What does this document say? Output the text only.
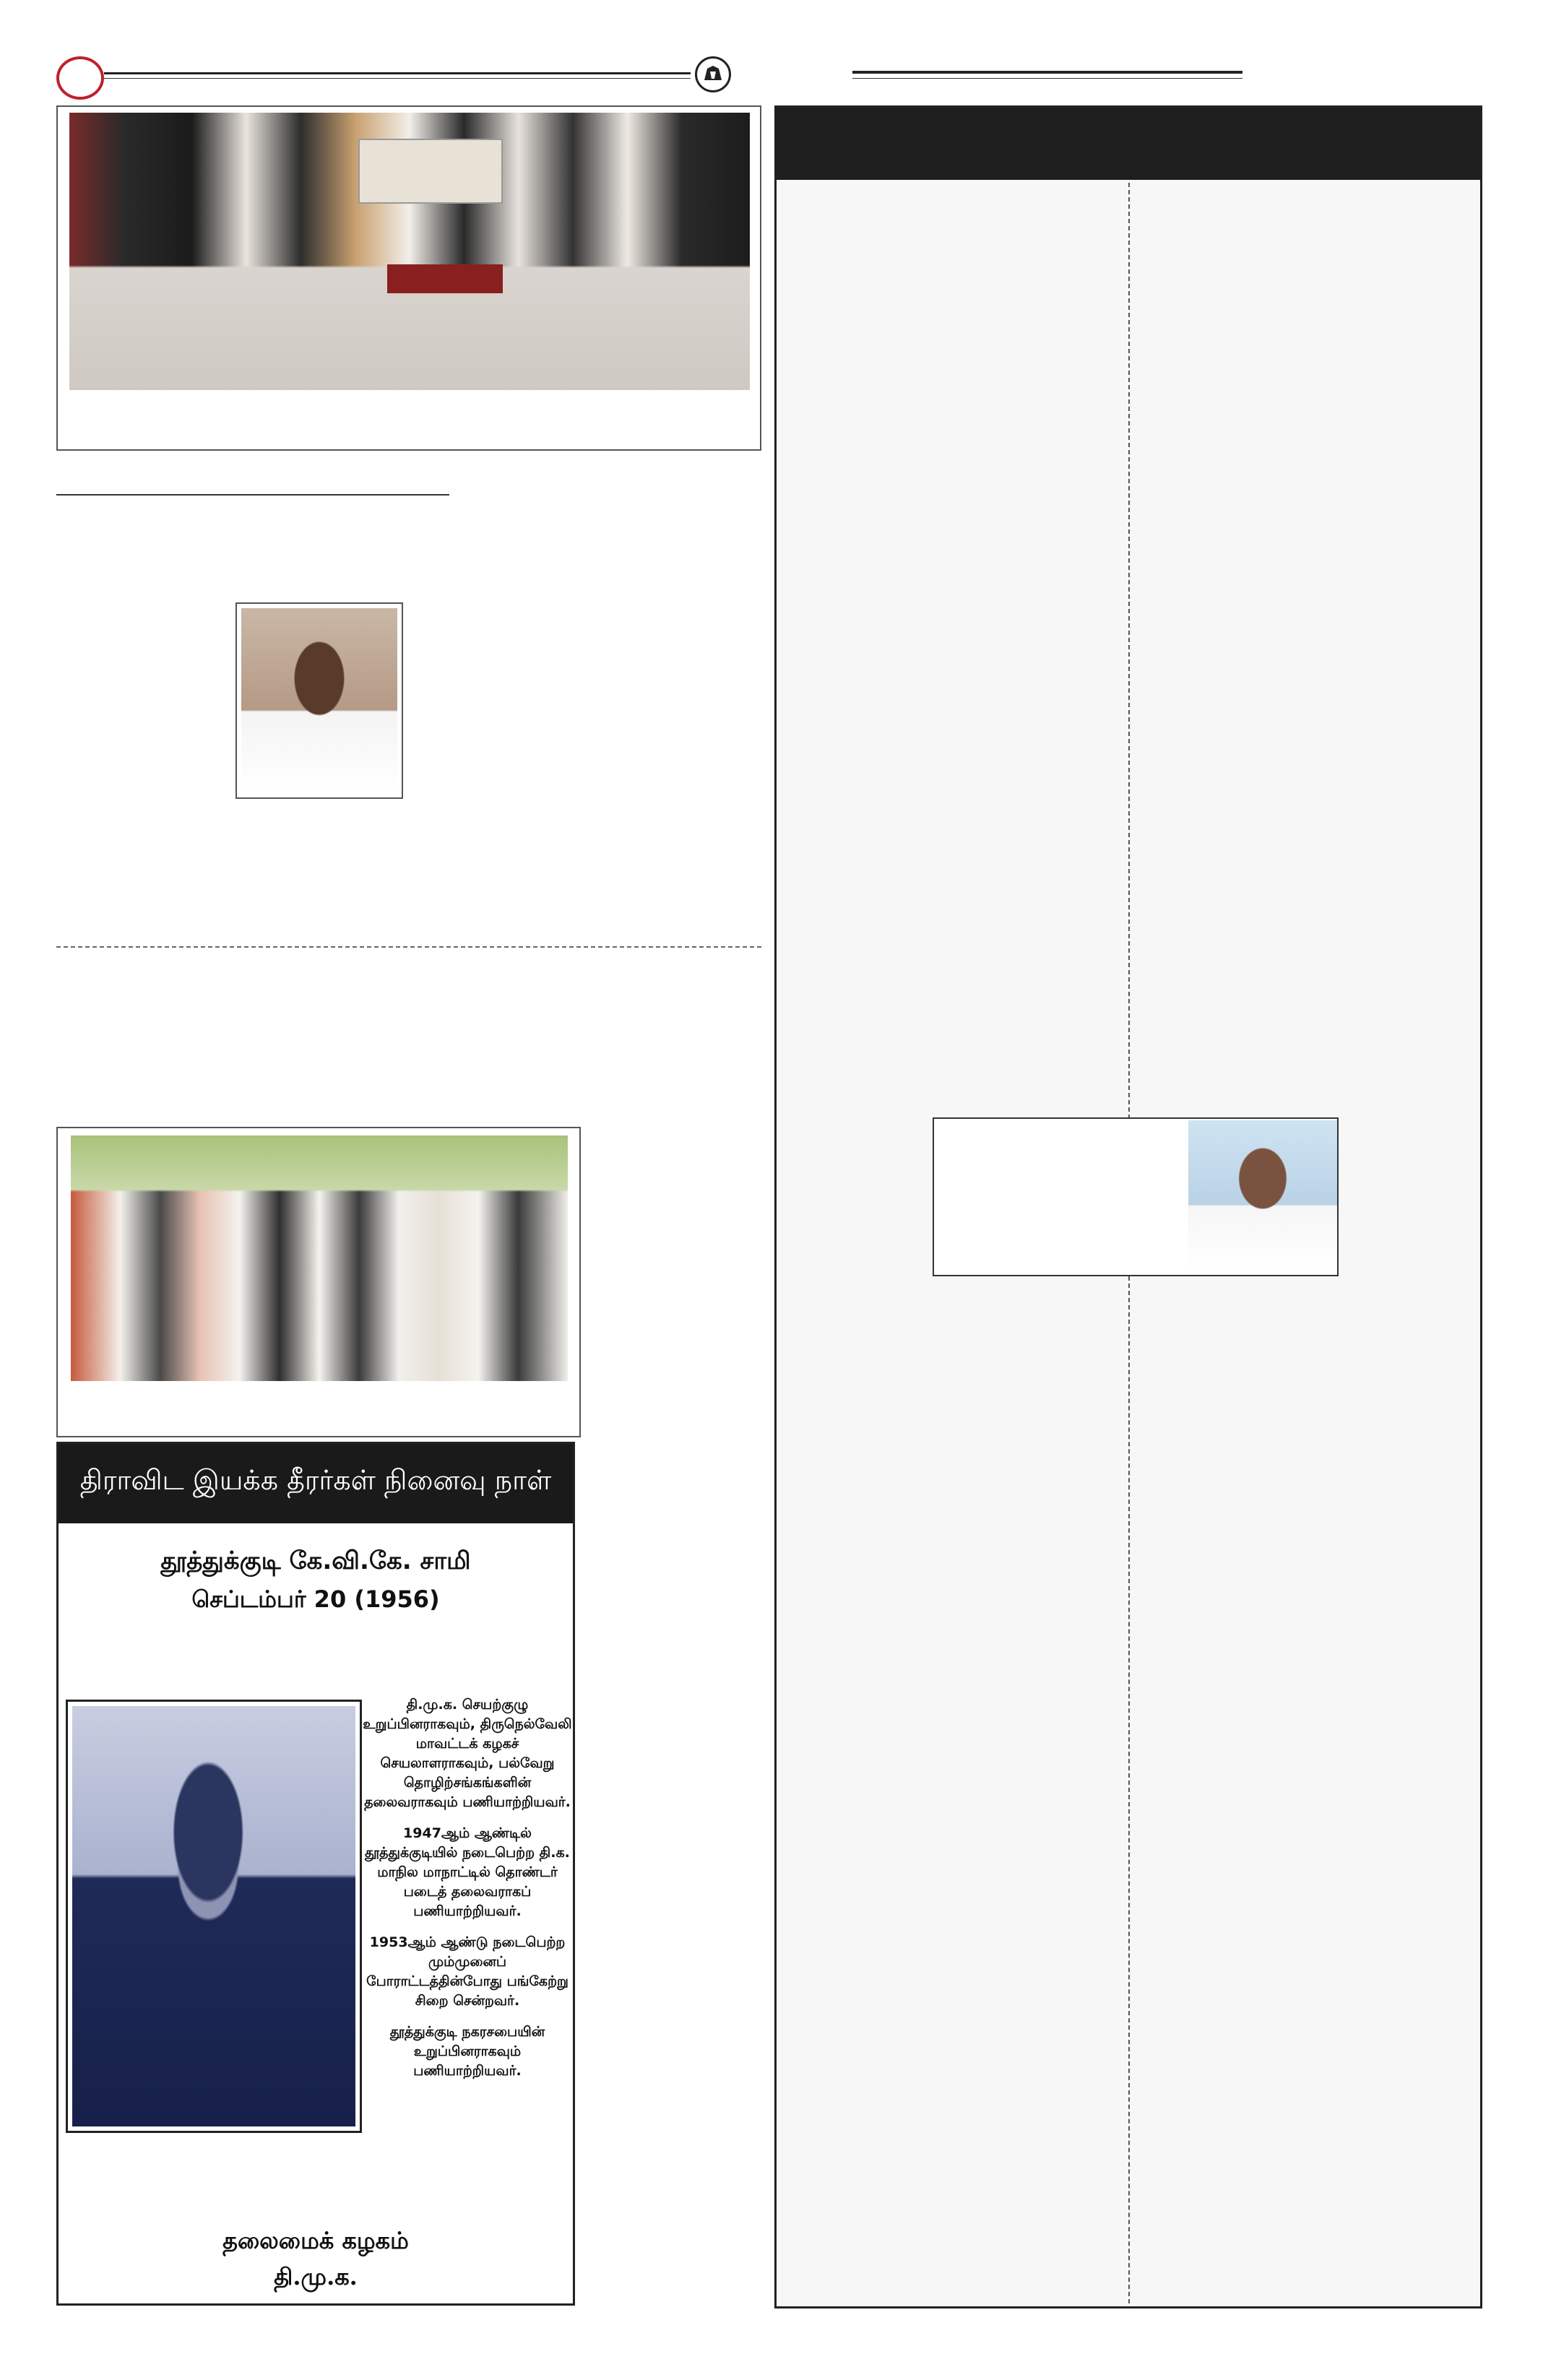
திராவிட இயக்க தீரர்கள் நினைவு நாள்
தூத்துக்குடி கே.வி.கே. சாமி
செப்டம்பர் 20 (1956)

தி.மு.க. செயற்குழு உறுப்பினராகவும், திருநெல்வேலி மாவட்டக் கழகச் செயலாளராகவும், பல்வேறு தொழிற்சங்கங்களின் தலைவராகவும் பணியாற்றியவர்.

1947ஆம் ஆண்டில் தூத்துக்குடியில் நடைபெற்ற தி.க. மாநில மாநாட்டில் தொண்டர் படைத் தலைவராகப் பணியாற்றியவர்.

1953ஆம் ஆண்டு நடைபெற்ற மும்முனைப் போராட்டத்தின்போது பங்கேற்று சிறை சென்றவர்.

தூத்துக்குடி நகரசபையின் உறுப்பினராகவும் பணியாற்றியவர்.

தலைமைக் கழகம்
தி.மு.க.
